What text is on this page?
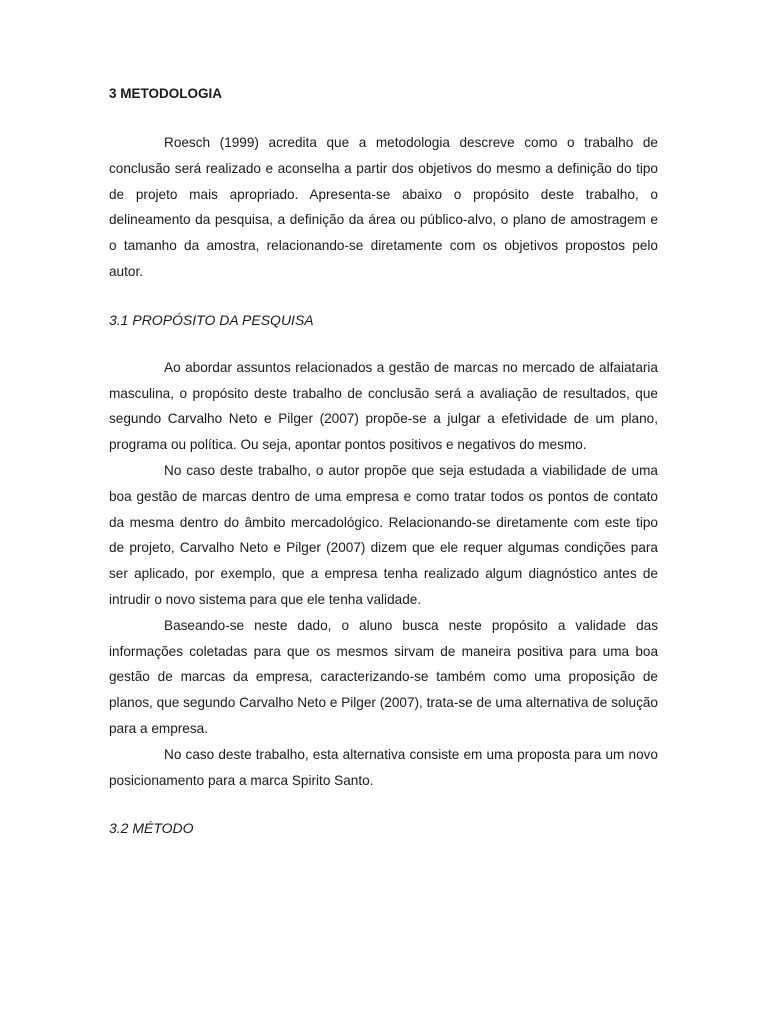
3 METODOLOGIA

Roesch (1999) acredita que a metodologia descreve como o trabalho de conclusão será realizado e aconselha a partir dos objetivos do mesmo a definição do tipo de projeto mais apropriado. Apresenta-se abaixo o propósito deste trabalho, o delineamento da pesquisa, a definição da área ou público-alvo, o plano de amostragem e o tamanho da amostra, relacionando-se diretamente com os objetivos propostos pelo autor.

3.1 PROPÓSITO DA PESQUISA

Ao abordar assuntos relacionados a gestão de marcas no mercado de alfaiataria masculina, o propósito deste trabalho de conclusão será a avaliação de resultados, que segundo Carvalho Neto e Pilger (2007) propõe-se a julgar a efetividade de um plano, programa ou política. Ou seja, apontar pontos positivos e negativos do mesmo.

No caso deste trabalho, o autor propõe que seja estudada a viabilidade de uma boa gestão de marcas dentro de uma empresa e como tratar todos os pontos de contato da mesma dentro do âmbito mercadológico. Relacionando-se diretamente com este tipo de projeto, Carvalho Neto e Pilger (2007) dizem que ele requer algumas condições para ser aplicado, por exemplo, que a empresa tenha realizado algum diagnóstico antes de intrudir o novo sistema para que ele tenha validade.

Baseando-se neste dado, o aluno busca neste propósito a validade das informações coletadas para que os mesmos sirvam de maneira positiva para uma boa gestão de marcas da empresa, caracterizando-se também como uma proposição de planos, que segundo Carvalho Neto e Pilger (2007), trata-se de uma alternativa de solução para a empresa.

No caso deste trabalho, esta alternativa consiste em uma proposta para um novo posicionamento para a marca Spirito Santo.

3.2 MÉTODO
